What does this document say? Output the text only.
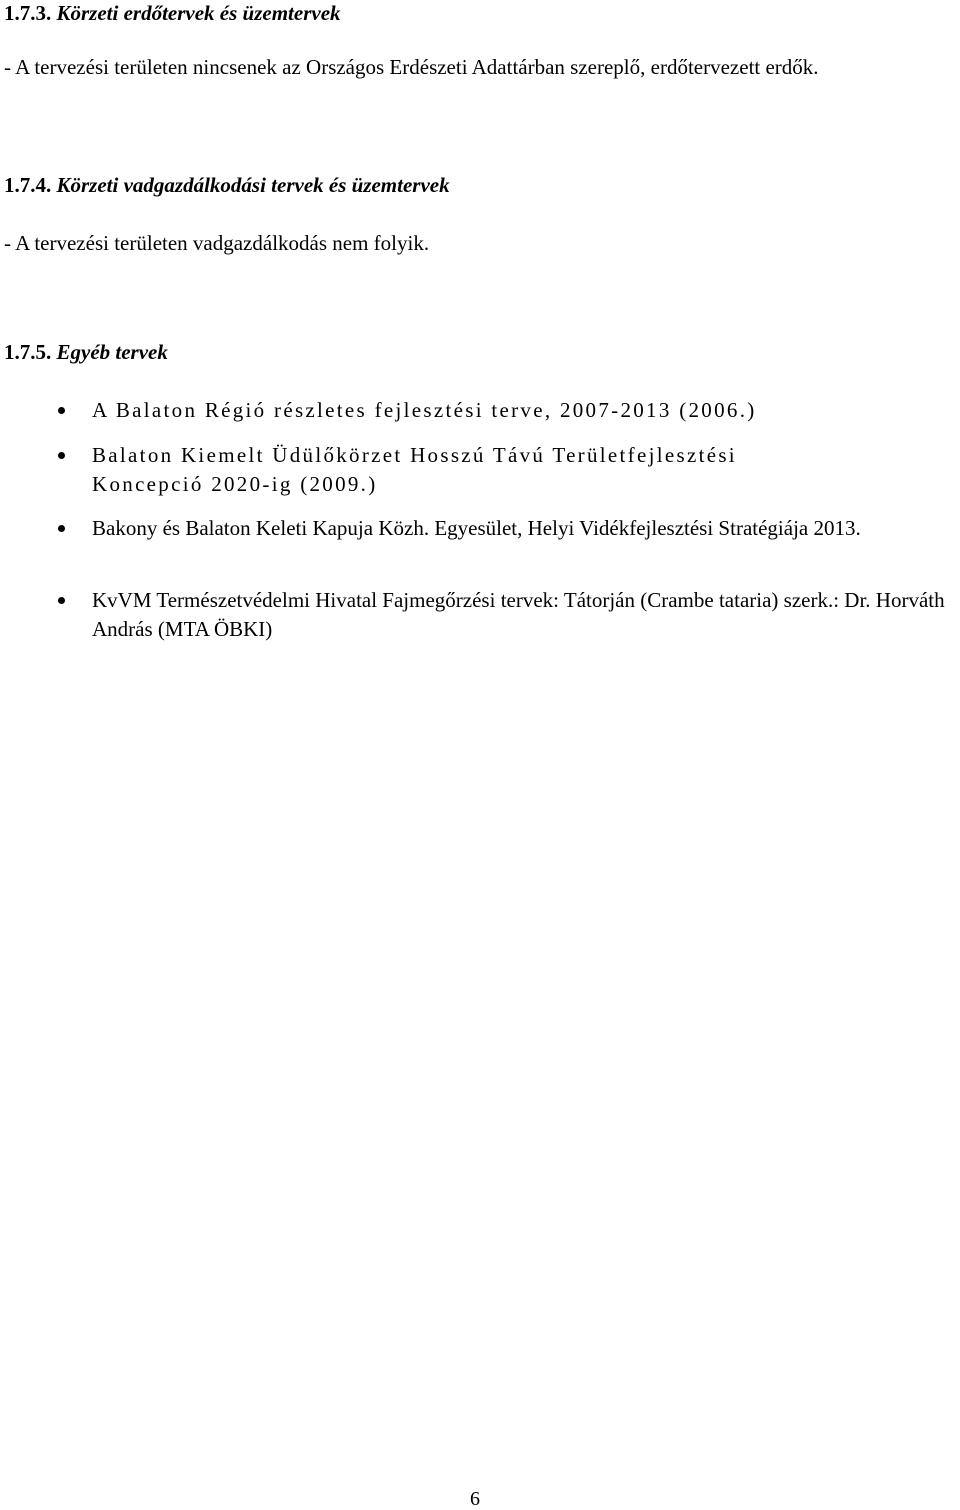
1.7.3. Körzeti erdőtervek és üzemtervek

- A tervezési területen nincsenek az Országos Erdészeti Adattárban szereplő, erdőtervezett erdők.

1.7.4. Körzeti vadgazdálkodási tervek és üzemtervek

- A tervezési területen vadgazdálkodás nem folyik.

1.7.5. Egyéb tervek

A Balaton Régió részletes fejlesztési terve, 2007-2013 (2006.)

Balaton Kiemelt Üdülőkörzet Hosszú Távú Területfejlesztési Koncepció 2020-ig (2009.)

Bakony és Balaton Keleti Kapuja Közh. Egyesület, Helyi Vidékfejlesztési Stratégiája 2013.

KvVM Természetvédelmi Hivatal Fajmegőrzési tervek: Tátorján (Crambe tataria) szerk.: Dr. Horváth András (MTA ÖBKI)

6
